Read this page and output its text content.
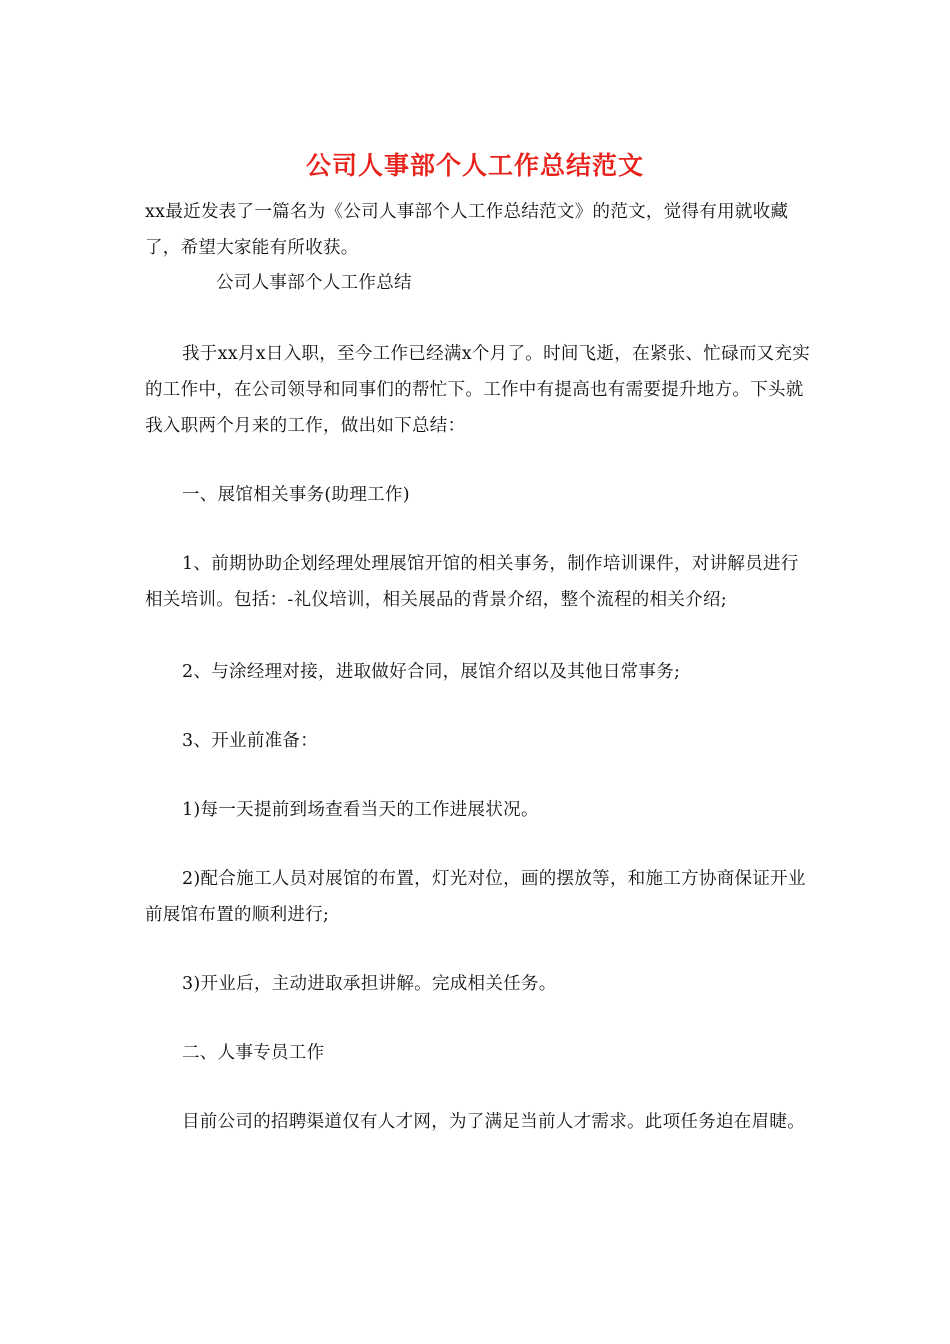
公司人事部个人工作总结范文
xx最近发表了一篇名为《公司人事部个人工作总结范文》的范文，觉得有用就收藏了，希望大家能有所收获。
公司人事部个人工作总结
我于xx月x日入职，至今工作已经满x个月了。时间飞逝，在紧张、忙碌而又充实的工作中，在公司领导和同事们的帮忙下。工作中有提高也有需要提升地方。下头就我入职两个月来的工作，做出如下总结：
一、展馆相关事务(助理工作)
1、前期协助企划经理处理展馆开馆的相关事务，制作培训课件，对讲解员进行相关培训。包括：-礼仪培训，相关展品的背景介绍，整个流程的相关介绍;
2、与涂经理对接，进取做好合同，展馆介绍以及其他日常事务;
3、开业前准备：
1)每一天提前到场查看当天的工作进展状况。
2)配合施工人员对展馆的布置，灯光对位，画的摆放等，和施工方协商保证开业前展馆布置的顺利进行;
3)开业后，主动进取承担讲解。完成相关任务。
二、人事专员工作
目前公司的招聘渠道仅有人才网，为了满足当前人才需求。此项任务迫在眉睫。
